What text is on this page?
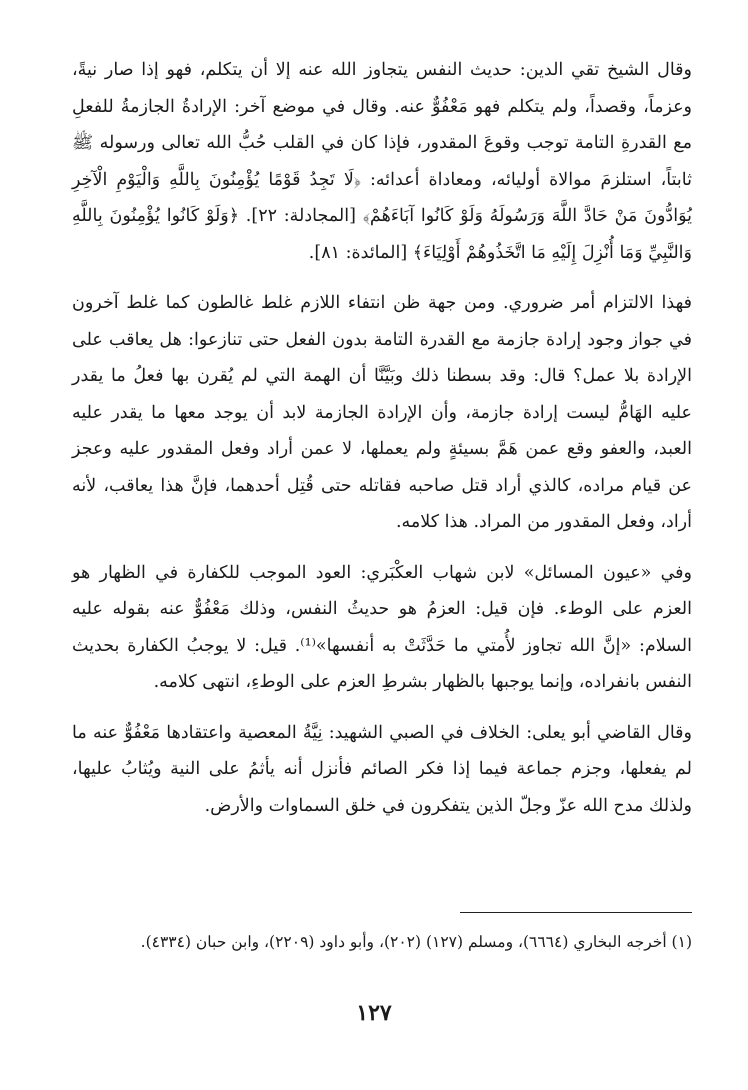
وقال الشيخ تقي الدين: حديث النفس يتجاوز الله عنه إلا أن يتكلم، فهو إذا صار نيةً، وعزماً، وقصداً، ولم يتكلم فهو مَعْفُوٌّ عنه. وقال في موضع آخر: الإرادةُ الجازمةُ للفعلِ مع القدرةِ التامة توجب وقوعَ المقدور، فإذا كان في القلب حُبُّ الله تعالى ورسوله ﷺ ثابتاً، استلزمَ موالاة أوليائه، ومعاداة أعدائه: ﴿لَا تَجِدُ قَوْمًا يُؤْمِنُونَ بِاللَّهِ وَالْيَوْمِ الْآخِرِ يُوَادُّونَ مَنْ حَادَّ اللَّهَ وَرَسُولَهُ وَلَوْ كَانُوا آبَاءَهُمْ﴾ [المجادلة: ٢٢]. ﴿وَلَوْ كَانُوا يُؤْمِنُونَ بِاللَّهِ وَالنَّبِيِّ وَمَا أُنْزِلَ إِلَيْهِ مَا اتَّخَذُوهُمْ أَوْلِيَاءَ﴾ [المائدة: ٨١].

فهذا الالتزام أمر ضروري. ومن جهة ظن انتفاء اللازم غلط غالطون كما غلط آخرون في جواز وجود إرادة جازمة مع القدرة التامة بدون الفعل حتى تنازعوا: هل يعاقب على الإرادة بلا عمل؟ قال: وقد بسطنا ذلك وبَيَّنَّا أن الهمة التي لم يُقرن بها فعلُ ما يقدر عليه الهَامُّ ليست إرادة جازمة، وأن الإرادة الجازمة لابد أن يوجد معها ما يقدر عليه العبد، والعفو وقع عمن هَمَّ بسيئةٍ ولم يعملها، لا عمن أراد وفعل المقدور عليه وعجز عن قيام مراده، كالذي أراد قتل صاحبه فقاتله حتى قُتِل أحدهما، فإنَّ هذا يعاقب، لأنه أراد، وفعل المقدور من المراد. هذا كلامه.

وفي «عيون المسائل» لابن شهاب العكْبَري: العود الموجب للكفارة في الظهار هو العزم على الوطء. فإن قيل: العزمُ هو حديثُ النفس، وذلك مَعْفُوٌّ عنه بقوله عليه السلام: «إنَّ الله تجاوز لأُمتي ما حَدَّثَتْ به أنفسها»⁽¹⁾. قيل: لا يوجبُ الكفارة بحديث النفس بانفراده، وإنما يوجبها بالظهار بشرطِ العزم على الوطءِ، انتهى كلامه.

وقال القاضي أبو يعلى: الخلاف في الصبي الشهيد: نِيَّةُ المعصية واعتقادها مَعْفُوٌّ عنه ما لم يفعلها، وجزم جماعة فيما إذا فكر الصائم فأنزل أنه يأثمُ على النية ويُثابُ عليها، ولذلك مدح الله عزّ وجلّ الذين يتفكرون في خلق السماوات والأرض.

(١) أخرجه البخاري (٦٦٦٤)، ومسلم (١٢٧) (٢٠٢)، وأبو داود (٢٢٠٩)، وابن حبان (٤٣٣٤).
١٢٧
